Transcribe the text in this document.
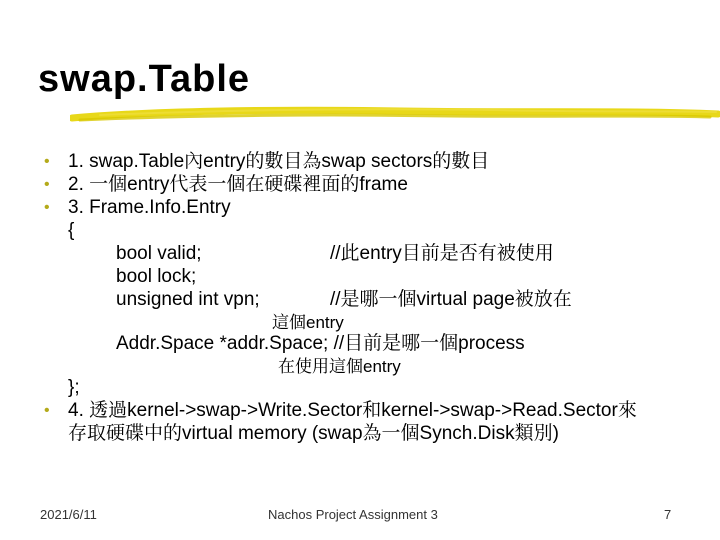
swap.Table
• 1. swap.Table內entry的數目為swap sectors的數目
• 2. 一個entry代表一個在硬碟裡面的frame
• 3. Frame.Info.Entry
{
bool valid;	//此entry目前是否有被使用
bool lock;
unsigned int vpn;	//是哪一個virtual page被放在
這個entry
Addr.Space *addr.Space; //目前是哪一個process
在使用這個entry
};
• 4. 透過kernel->swap->Write.Sector和kernel->swap->Read.Sector來
存取硬碟中的virtual memory (swap為一個Synch.Disk類別)
2021/6/11	Nachos Project Assignment 3	7
